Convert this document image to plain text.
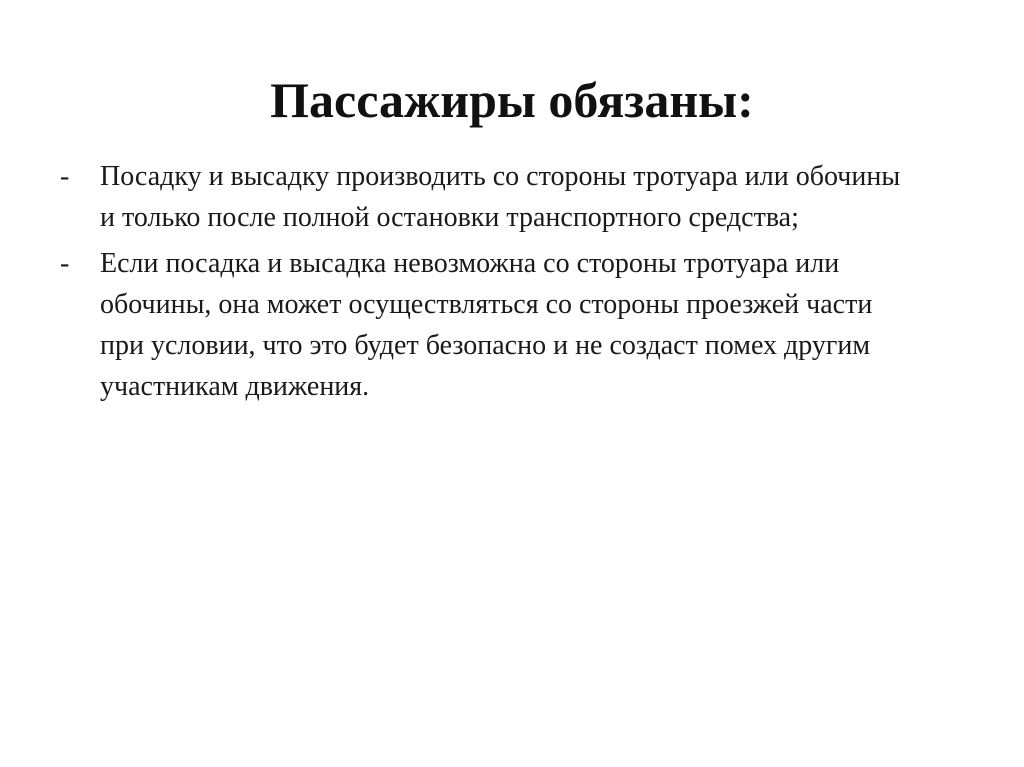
Пассажиры обязаны:
-	Посадку и высадку производить со стороны тротуара или обочины и только после полной остановки транспортного средства;
-	Если посадка и высадка невозможна со стороны тротуара или обочины, она может осуществляться со стороны проезжей части при условии, что это будет безопасно и не создаст помех другим участникам движения.
